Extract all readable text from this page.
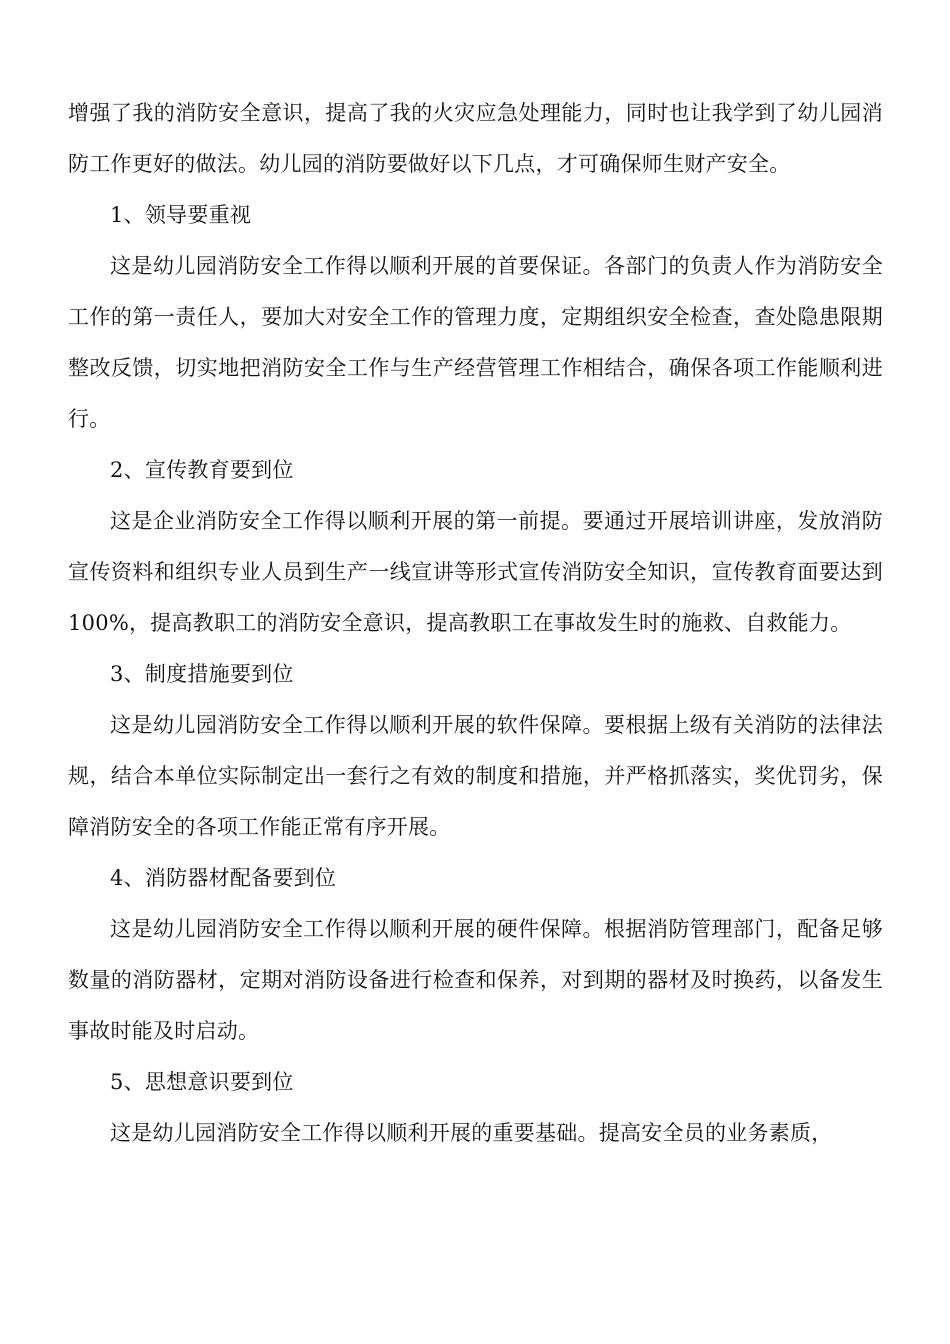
增强了我的消防安全意识，提高了我的火灾应急处理能力，同时也让我学到了幼儿园消防工作更好的做法。幼儿园的消防要做好以下几点，才可确保师生财产安全。

1、领导要重视

这是幼儿园消防安全工作得以顺利开展的首要保证。各部门的负责人作为消防安全工作的第一责任人，要加大对安全工作的管理力度，定期组织安全检查，查处隐患限期整改反馈，切实地把消防安全工作与生产经营管理工作相结合，确保各项工作能顺利进行。

2、宣传教育要到位

这是企业消防安全工作得以顺利开展的第一前提。要通过开展培训讲座，发放消防宣传资料和组织专业人员到生产一线宣讲等形式宣传消防安全知识，宣传教育面要达到100%，提高教职工的消防安全意识，提高教职工在事故发生时的施救、自救能力。

3、制度措施要到位

这是幼儿园消防安全工作得以顺利开展的软件保障。要根据上级有关消防的法律法规，结合本单位实际制定出一套行之有效的制度和措施，并严格抓落实，奖优罚劣，保障消防安全的各项工作能正常有序开展。

4、消防器材配备要到位

这是幼儿园消防安全工作得以顺利开展的硬件保障。根据消防管理部门，配备足够数量的消防器材，定期对消防设备进行检查和保养，对到期的器材及时换药，以备发生事故时能及时启动。

5、思想意识要到位

这是幼儿园消防安全工作得以顺利开展的重要基础。提高安全员的业务素质，
